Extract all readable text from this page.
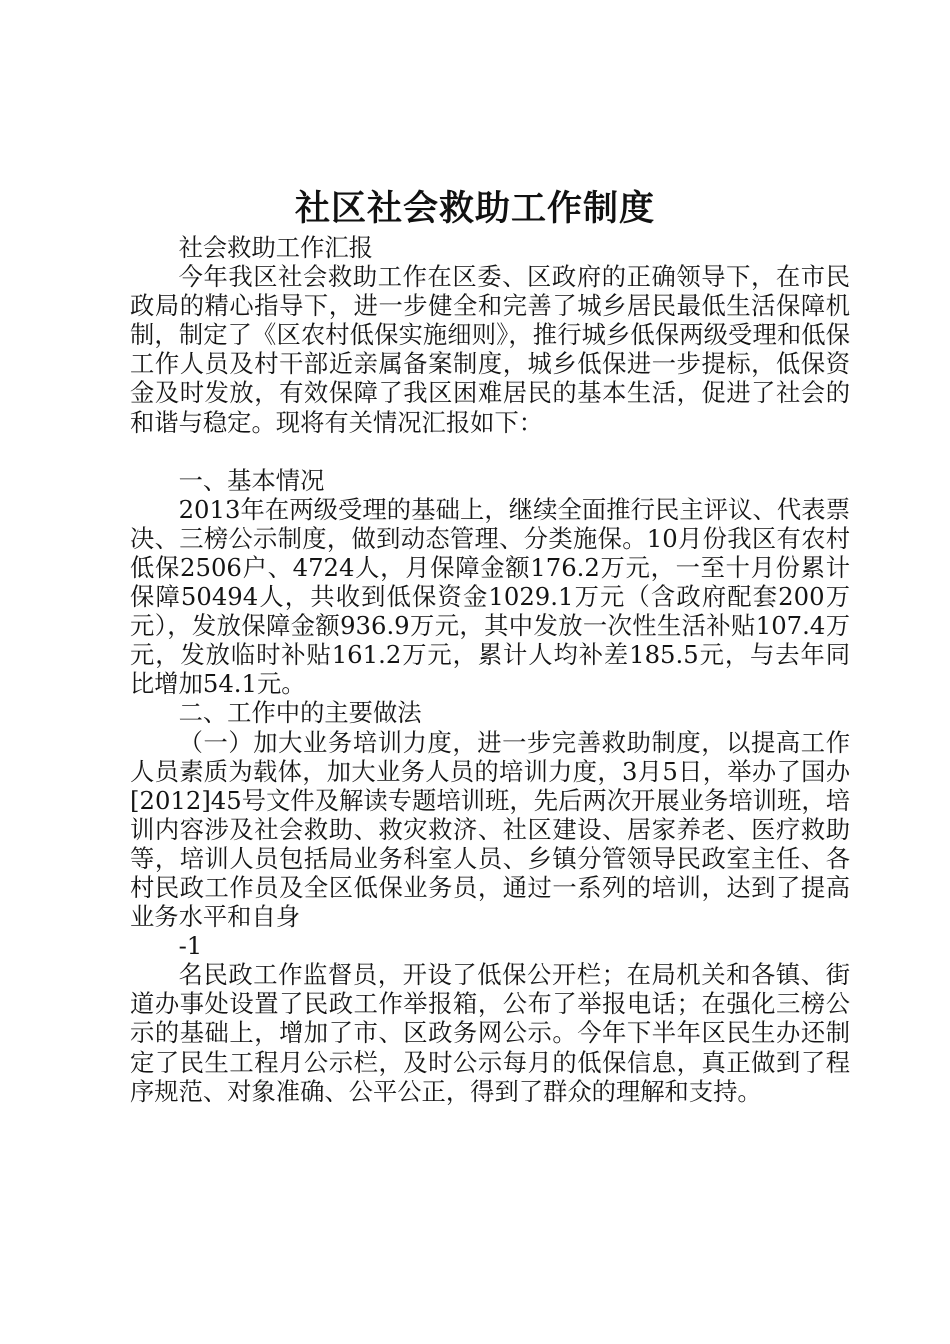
社区社会救助工作制度

社会救助工作汇报

今年我区社会救助工作在区委、区政府的正确领导下，在市民政局的精心指导下，进一步健全和完善了城乡居民最低生活保障机制，制定了《区农村低保实施细则》，推行城乡低保两级受理和低保工作人员及村干部近亲属备案制度，城乡低保进一步提标，低保资金及时发放，有效保障了我区困难居民的基本生活，促进了社会的和谐与稳定。现将有关情况汇报如下：

一、基本情况

2013年在两级受理的基础上，继续全面推行民主评议、代表票决、三榜公示制度，做到动态管理、分类施保。10月份我区有农村低保2506户、4724人，月保障金额176.2万元，一至十月份累计保障50494人，共收到低保资金1029.1万元（含政府配套200万元），发放保障金额936.9万元，其中发放一次性生活补贴107.4万元，发放临时补贴161.2万元，累计人均补差185.5元，与去年同比增加54.1元。

二、工作中的主要做法

（一）加大业务培训力度，进一步完善救助制度，以提高工作人员素质为载体，加大业务人员的培训力度，3月5日，举办了国办[2012]45号文件及解读专题培训班，先后两次开展业务培训班，培训内容涉及社会救助、救灾救济、社区建设、居家养老、医疗救助等，培训人员包括局业务科室人员、乡镇分管领导民政室主任、各村民政工作员及全区低保业务员，通过一系列的培训，达到了提高业务水平和自身

-1

名民政工作监督员，开设了低保公开栏；在局机关和各镇、街道办事处设置了民政工作举报箱，公布了举报电话；在强化三榜公示的基础上，增加了市、区政务网公示。今年下半年区民生办还制定了民生工程月公示栏，及时公示每月的低保信息，真正做到了程序规范、对象准确、公平公正，得到了群众的理解和支持。
